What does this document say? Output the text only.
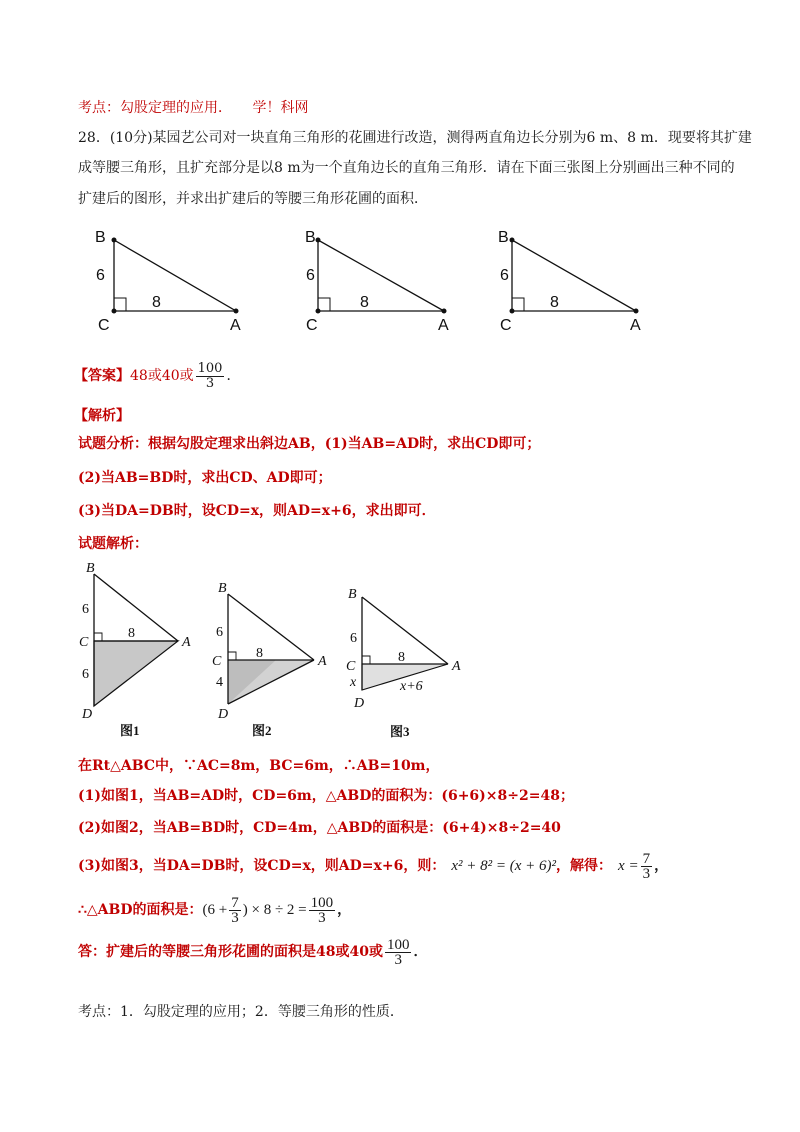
考点：勾股定理的应用． 学！科网
28．(10分)某园艺公司对一块直角三角形的花圃进行改造，测得两直角边长分别为6 m、8 m．现要将其扩建
成等腰三角形，且扩充部分是以8 m为一个直角边长的直角三角形．请在下面三张图上分别画出三种不同的
扩建后的图形，并求出扩建后的等腰三角形花圃的面积．
B
6
8
C	A
B
6
8
C	A
B
6
8
C	A
【答案】 48或40或 $\frac{100}{3}$ ．
【解析】
试题分析：根据勾股定理求出斜边AB，(1)当AB=AD时，求出CD即可；
(2)当AB=BD时，求出CD、AD即可；
(3)当DA=DB时，设CD=x，则AD=x+6，求出即可．
试题解析：
B
6
8
C	A
6
D
图1
B
6
8
C	A
4
D
图2
B
6
8
C	A
x	x+6
D
图3
在Rt△ABC中，∵AC=8m，BC=6m，∴AB=10m，
(1)如图1，当AB=AD时，CD=6m，△ABD的面积为：(6+6)×8÷2=48；
(2)如图2，当AB=BD时，CD=4m，△ABD的面积是：(6+4)×8÷2=40
(3)如图3，当DA=DB时，设CD=x，则AD=x+6，则： x² + 8² = (x + 6)² ，解得： $x = \frac{7}{3}$ ，
∴△ABD的面积是： ($6 + \frac{7}{3}$ ) × $8 \div 2 = \frac{100}{3}$ ，
答：扩建后的等腰三角形花圃的面积是48或40或 $\frac{100}{3}$ ．
考点：1．勾股定理的应用；2．等腰三角形的性质．
